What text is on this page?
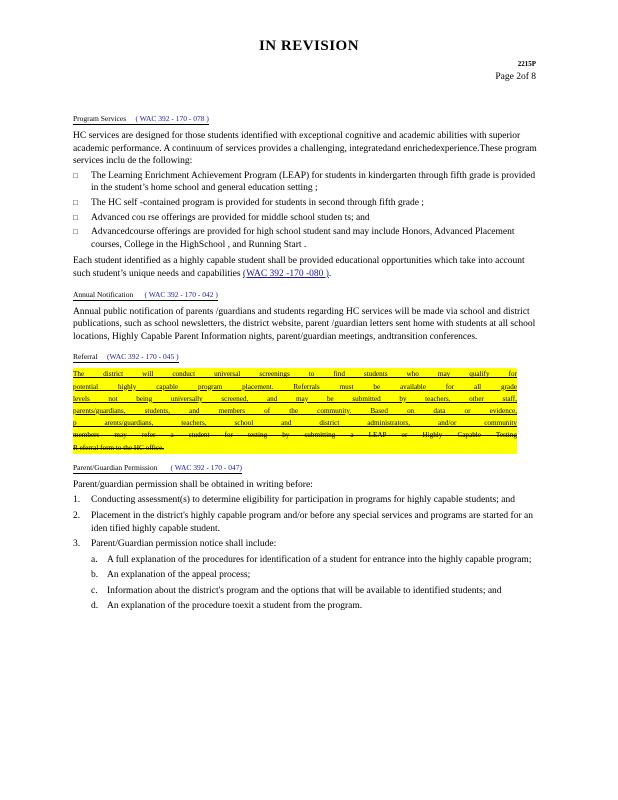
IN REVISION
2215P
Page 2of 8
Program Services ( WAC 392 - 170 - 078 )

HC services are designed for those students identified with exceptional cognitive and academic abilities with superior academic performance. A continuum of services provides a challenging, integratedand enrichedexperience.These program services inclu de the following:

□	The Learning Enrichment Achievement Program (LEAP) for students in kindergarten through fifth grade is provided in the student’s home school and general education setting ;
□	The HC self -contained program is provided for students in second through fifth grade ;
□	Advanced cou rse offerings are provided for middle school studen ts; and
□	Advancedcourse offerings are provided for high school student sand may include Honors, Advanced Placement courses, College in the HighSchool , and Running Start .

Each student identified as a highly capable student shall be provided educational opportunities which take into account such student’s unique needs and capabilities (WAC 392 -170 -080 ).

Annual Notification ( WAC 392 - 170 - 042 )

Annual public notification of parents /guardians and students regarding HC services will be made via school and district publications, such as school newsletters, the district website, parent /guardian letters sent home with students at all school locations, Highly Capable Parent Information nights, parent/guardian meetings, andtransition conferences.

Referral (WAC 392 - 170 - 045 )
The district will conduct universal screenings to find students who may qualify for
potential highly capable program placement. Referrals must be available for all grade
levels not being universally screened, and may be submitted by teachers, other staff,
parents/guardians, students, and members of the community. Based on data or evidence,
p arents/guardians, teachers, school and district administrators, and/or community
members may refer a student for testing by submitting a LEAP or Highly Capable Testing
R eferral form to the HC office.
Parent/Guardian Permission ( WAC 392 - 170 - 047)

Parent/guardian permission shall be obtained in writing before:

1.	Conducting assessment(s) to determine eligibility for participation in programs for highly capable students; and
2.	Placement in the district's highly capable program and/or before any special services and programs are started for an iden tified highly capable student.
3.	Parent/Guardian permission notice shall include:
a. A full explanation of the procedures for identification of a student for entrance into the highly capable program;
b. An explanation of the appeal process;
c. Information about the district's program and the options that will be available to identified students; and
d. An explanation of the procedure toexit a student from the program.
